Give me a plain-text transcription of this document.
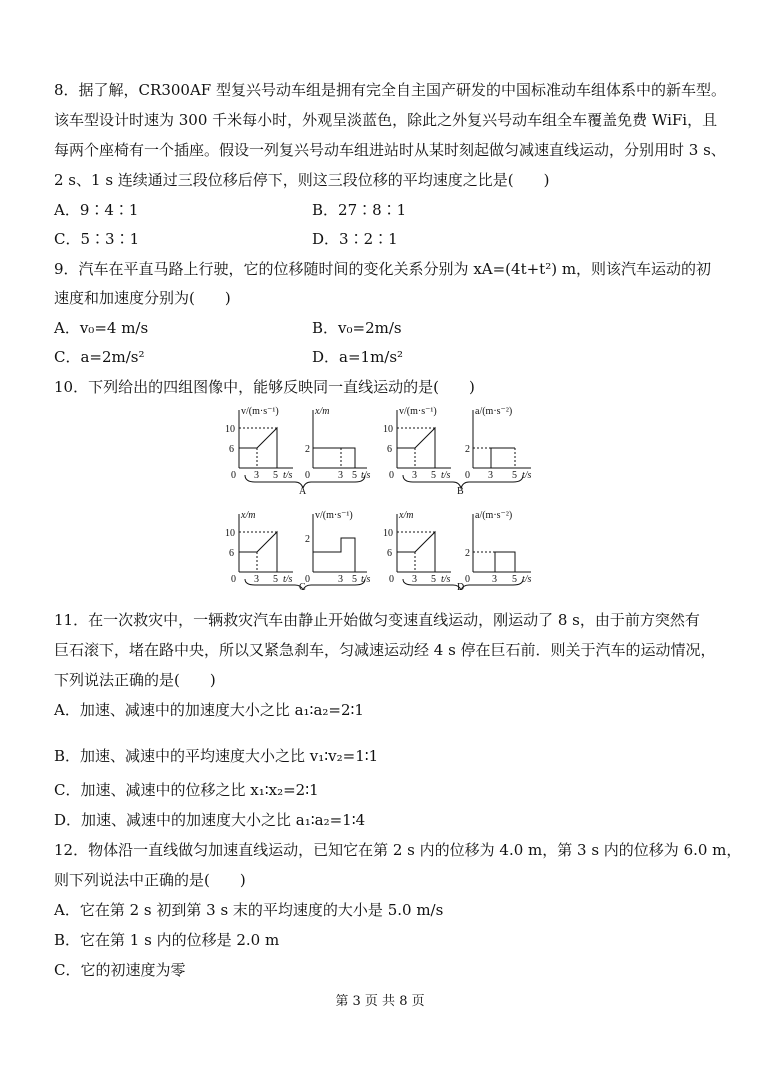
8．据了解，CR300AF 型复兴号动车组是拥有完全自主国产研发的中国标准动车组体系中的新车型。
该车型设计时速为 300 千米每小时，外观呈淡蓝色，除此之外复兴号动车组全车覆盖免费 WiFi，且
每两个座椅有一个插座。假设一列复兴号动车组进站时从某时刻起做匀减速直线运动，分别用时 3 s、
2 s、1 s 连续通过三段位移后停下，则这三段位移的平均速度之比是(　　)
A．9∶4∶1	B．27∶8∶1
C．5∶3∶1	D．3∶2∶1
9．汽车在平直马路上行驶，它的位移随时间的变化关系分别为 xA=(4t+t²) m，则该汽车运动的初
速度和加速度分别为(　　)
A．v₀=4 m/s	B．v₀=2m/s
C．a=2m/s²	D．a=1m/s²
10．下列给出的四组图像中，能够反映同一直线运动的是(　　)
v/(m·s⁻¹)
10
6
0 3 5 t/s
x/m
2
0	3 5 t/s
A
v/(m·s⁻¹)
10
6
0 3 5 t/s
a/(m·s⁻²)
2
0 3 5 t/s
B
x/m
10
6
0 3 5 t/s
v/(m·s⁻¹)
2
0	3 5 t/s
C
x/m
10
6
0 3 5 t/s
a/(m·s⁻²)
2
0 3 5 t/s
D
11．在一次救灾中，一辆救灾汽车由静止开始做匀变速直线运动，刚运动了 8 s，由于前方突然有
巨石滚下，堵在路中央，所以又紧急刹车，匀减速运动经 4 s 停在巨石前．则关于汽车的运动情况，
下列说法正确的是(　　)
A．加速、减速中的加速度大小之比 a₁∶a₂=2∶1
B．加速、减速中的平均速度大小之比 v₁∶v₂=1∶1
C．加速、减速中的位移之比 x₁∶x₂=2∶1
D．加速、减速中的加速度大小之比 a₁∶a₂=1∶4
12．物体沿一直线做匀加速直线运动，已知它在第 2 s 内的位移为 4.0 m，第 3 s 内的位移为 6.0 m，
则下列说法中正确的是(　　)
A．它在第 2 s 初到第 3 s 末的平均速度的大小是 5.0 m/s
B．它在第 1 s 内的位移是 2.0 m
C．它的初速度为零
第 3 页 共 8 页
